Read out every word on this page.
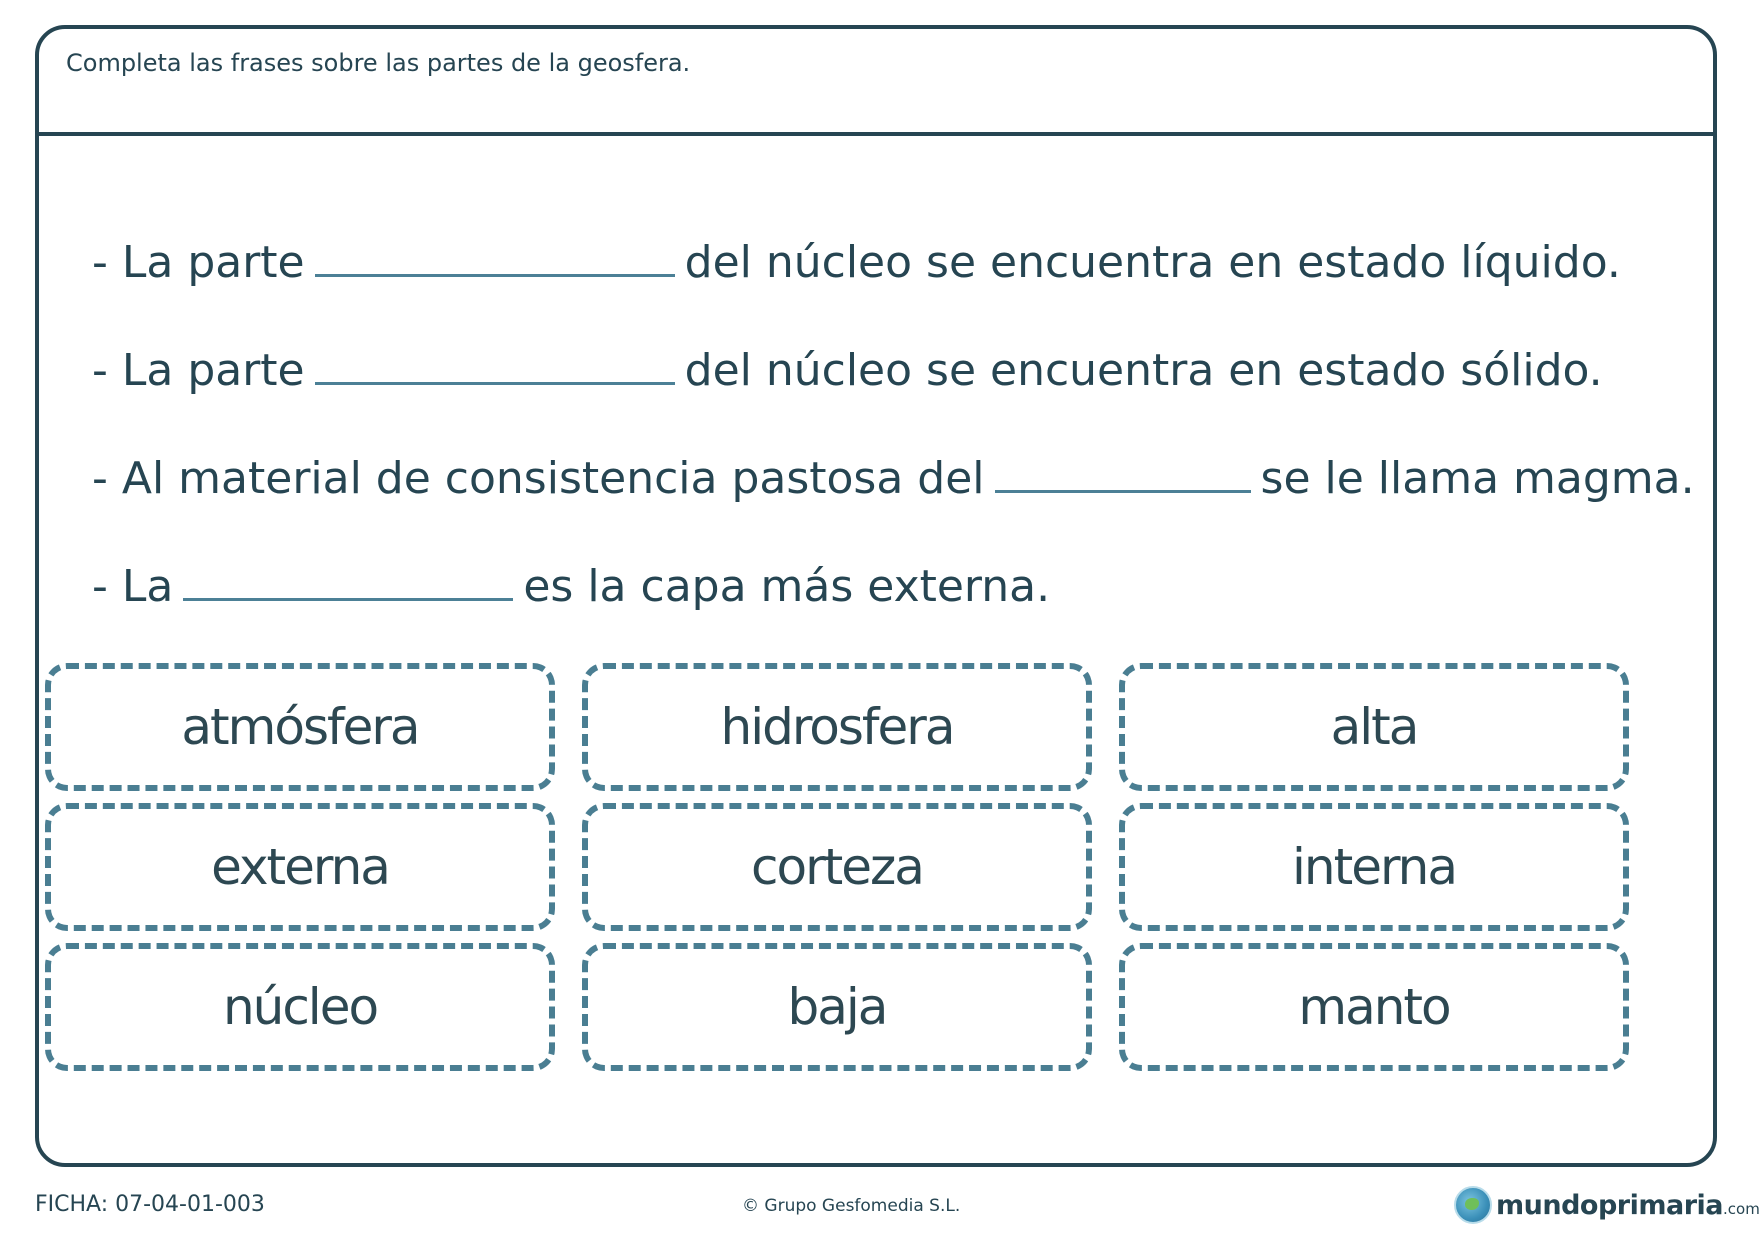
Completa las frases sobre las partes de la geosfera.
- La parte	del núcleo se encuentra en estado líquido.
- La parte	del núcleo se encuentra en estado sólido.
- Al material de consistencia pastosa del	se le llama magma.
- La	es la capa más externa.
atmósfera	hidrosfera	alta
externa	corteza	interna
núcleo	baja	manto
FICHA: 07-04-01-003	© Grupo Gesfomedia S.L.	mundoprimaria .com
